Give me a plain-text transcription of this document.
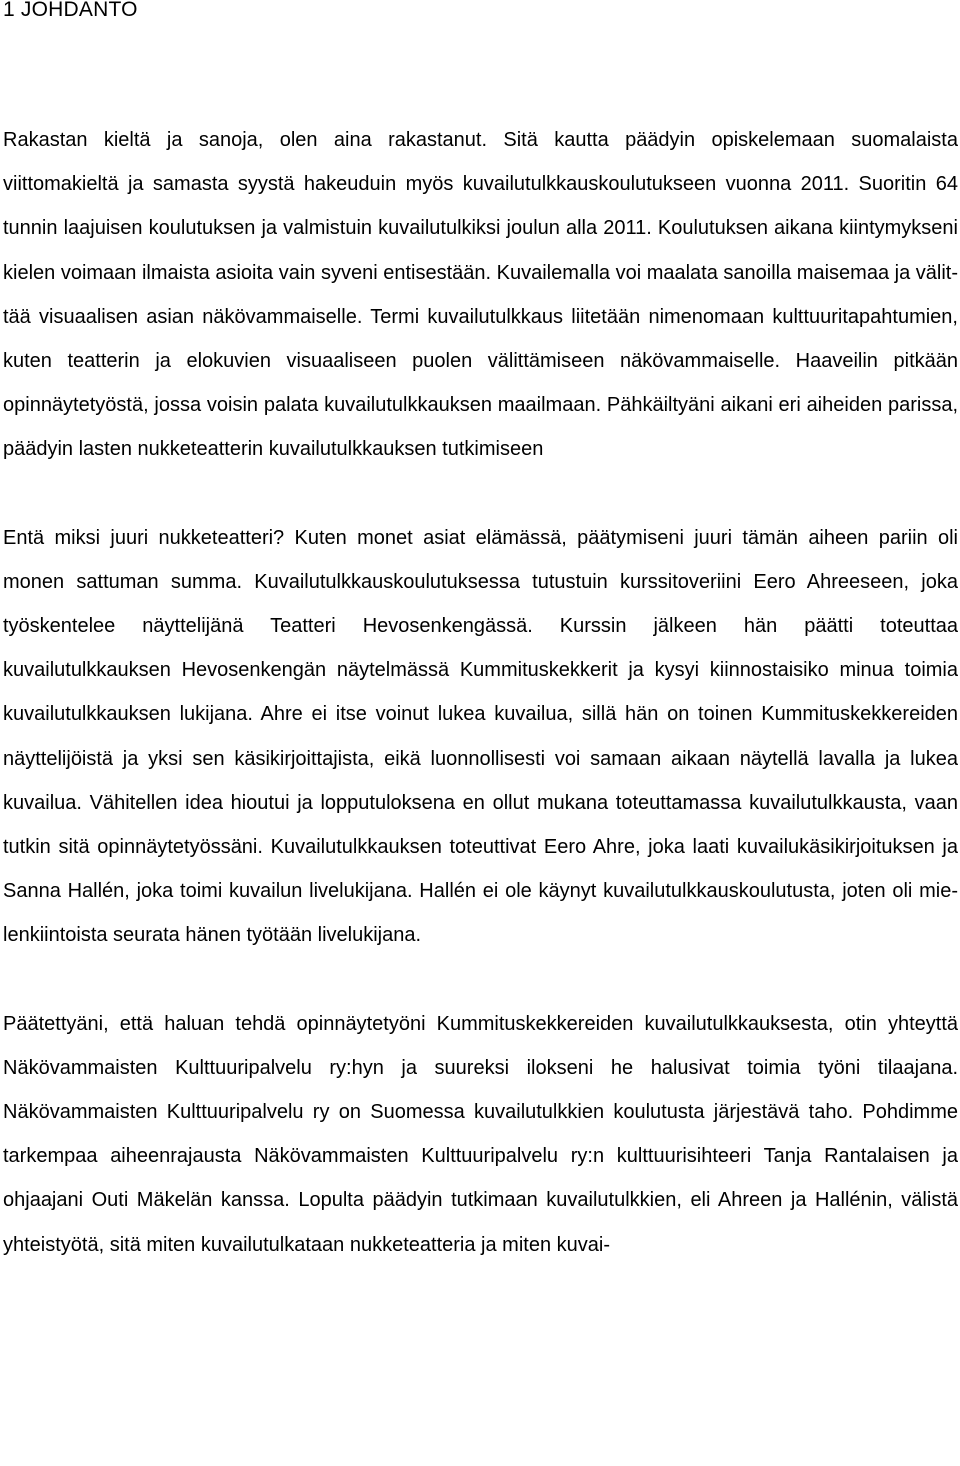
1 JOHDANTO

Rakastan kieltä ja sanoja, olen aina rakastanut. Sitä kautta päädyin opiskelemaan suomalaista viittomakieltä ja samasta syystä hakeuduin myös kuvailutulkkauskoulutukseen vuonna 2011. Suoritin 64 tunnin laajuisen koulutuksen ja valmistuin kuvailutulkiksi joulun alla 2011. Koulutuksen aikana kiintymykseni kielen voimaan ilmaista asioita vain syveni entisestään. Kuvailemalla voi maalata sanoilla maisemaa ja välittää visuaalisen asian näkövammaiselle. Termi kuvailutulkkaus liitetään nimenomaan kulttuuritapahtumien, kuten teatterin ja elokuvien visuaaliseen puolen välittämiseen näkövammaiselle. Haaveilin pitkään opinnäytetyöstä, jossa voisin palata kuvailutulkkauksen maailmaan. Pähkäiltyäni aikani eri aiheiden parissa, päädyin lasten nukketeatterin kuvailutulkkauksen tutkimiseen

Entä miksi juuri nukketeatteri? Kuten monet asiat elämässä, päätymiseni juuri tämän aiheen pariin oli monen sattuman summa. Kuvailutulkkauskoulutuksessa tutustuin kurssitoveriini Eero Ahreeseen, joka työskentelee näyttelijänä Teatteri Hevosenkengässä. Kurssin jälkeen hän päätti toteuttaa kuvailutulkkauksen Hevosenkengän näytelmässä Kummituskekkerit ja kysyi kiinnostaisiko minua toimia kuvailutulkkauksen lukijana. Ahre ei itse voinut lukea kuvailua, sillä hän on toinen Kummituskekkereiden näyttelijöistä ja yksi sen käsikirjoittajista, eikä luonnollisesti voi samaan aikaan näytellä lavalla ja lukea kuvailua. Vähitellen idea hioutui ja lopputuloksena en ollut mukana toteuttamassa kuvailutulkkausta, vaan tutkin sitä opinnäytetyössäni. Kuvailutulkkauksen toteuttivat Eero Ahre, joka laati kuvailukäsikirjoituksen ja Sanna Hallén, joka toimi kuvailun livelukijana. Hallén ei ole käynyt kuvailutulkkauskoulutusta, joten oli mielenkiintoista seurata hänen työtään livelukijana.

Päätettyäni, että haluan tehdä opinnäytetyöni Kummituskekkereiden kuvailutulkkauksesta, otin yhteyttä Näkövammaisten Kulttuuripalvelu ry:hyn ja suureksi ilokseni he halusivat toimia työni tilaajana. Näkövammaisten Kulttuuripalvelu ry on Suomessa kuvailutulkkien koulutusta järjestävä taho. Pohdimme tarkempaa aiheenrajausta Näkövammaisten Kulttuuripalvelu ry:n kulttuurisihteeri Tanja Rantalaisen ja ohjaajani Outi Mäkelän kanssa. Lopulta päädyin tutkimaan kuvailutulkkien, eli Ahreen ja Hallénin, välistä yhteistyötä, sitä miten kuvailutulkataan nukketeatteria ja miten kuvai-
